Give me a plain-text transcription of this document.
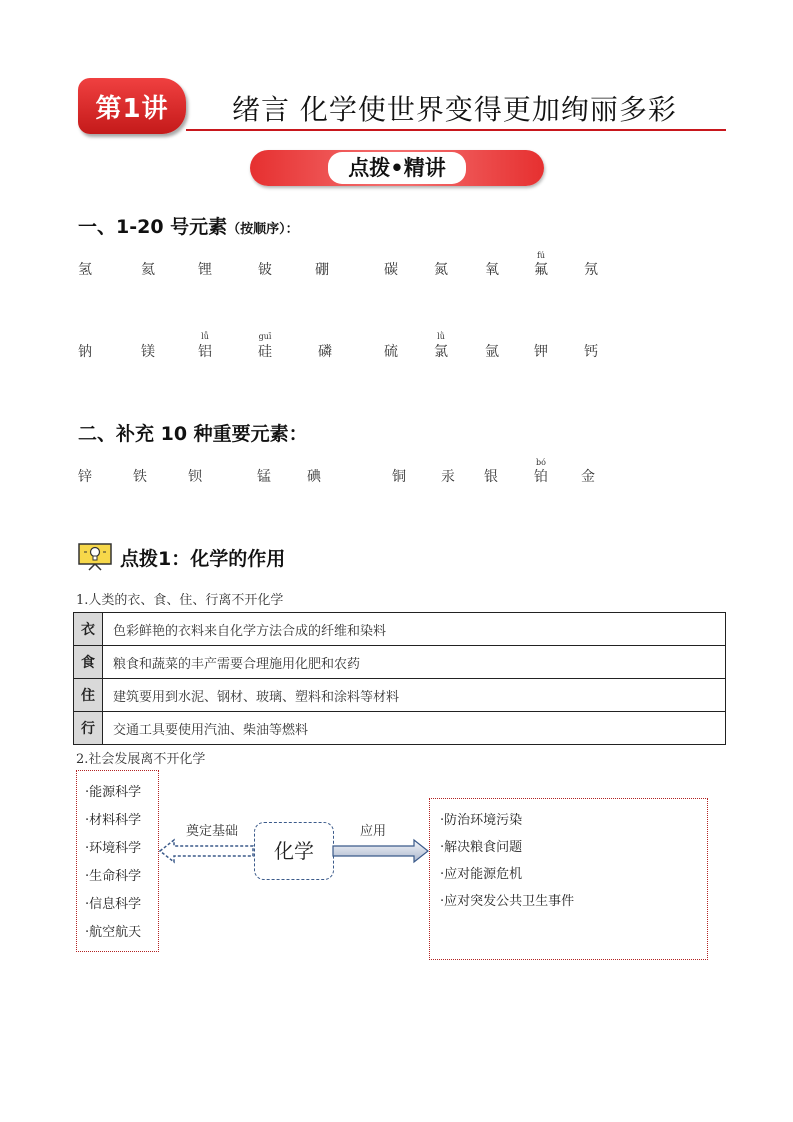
第1讲	绪言 化学使世界变得更加绚丽多彩
点拨•精讲
一、1-20 号元素（按顺序）：
fú
氢	氦	锂	铍	硼	碳	氮	氧	氟	氖
lǚ	guī	lǜ
钠	镁	铝	硅	磷	硫	氯	氩	钾	钙
二、补充 10 种重要元素：
bó
锌	铁	钡	锰	碘	铜	汞	银	铂	金
点拨1：化学的作用
1.人类的衣、食、住、行离不开化学
衣	色彩鲜艳的衣料来自化学方法合成的纤维和染料
食	粮食和蔬菜的丰产需要合理施用化肥和农药
住	建筑要用到水泥、钢材、玻璃、塑料和涂料等材料
行	交通工具要使用汽油、柴油等燃料
2.社会发展离不开化学
·能源科学
·材料科学
·环境科学
·生命科学
·信息科学
·航空航天
奠定基础
化学
应用
·防治环境污染
·解决粮食问题
·应对能源危机
·应对突发公共卫生事件
